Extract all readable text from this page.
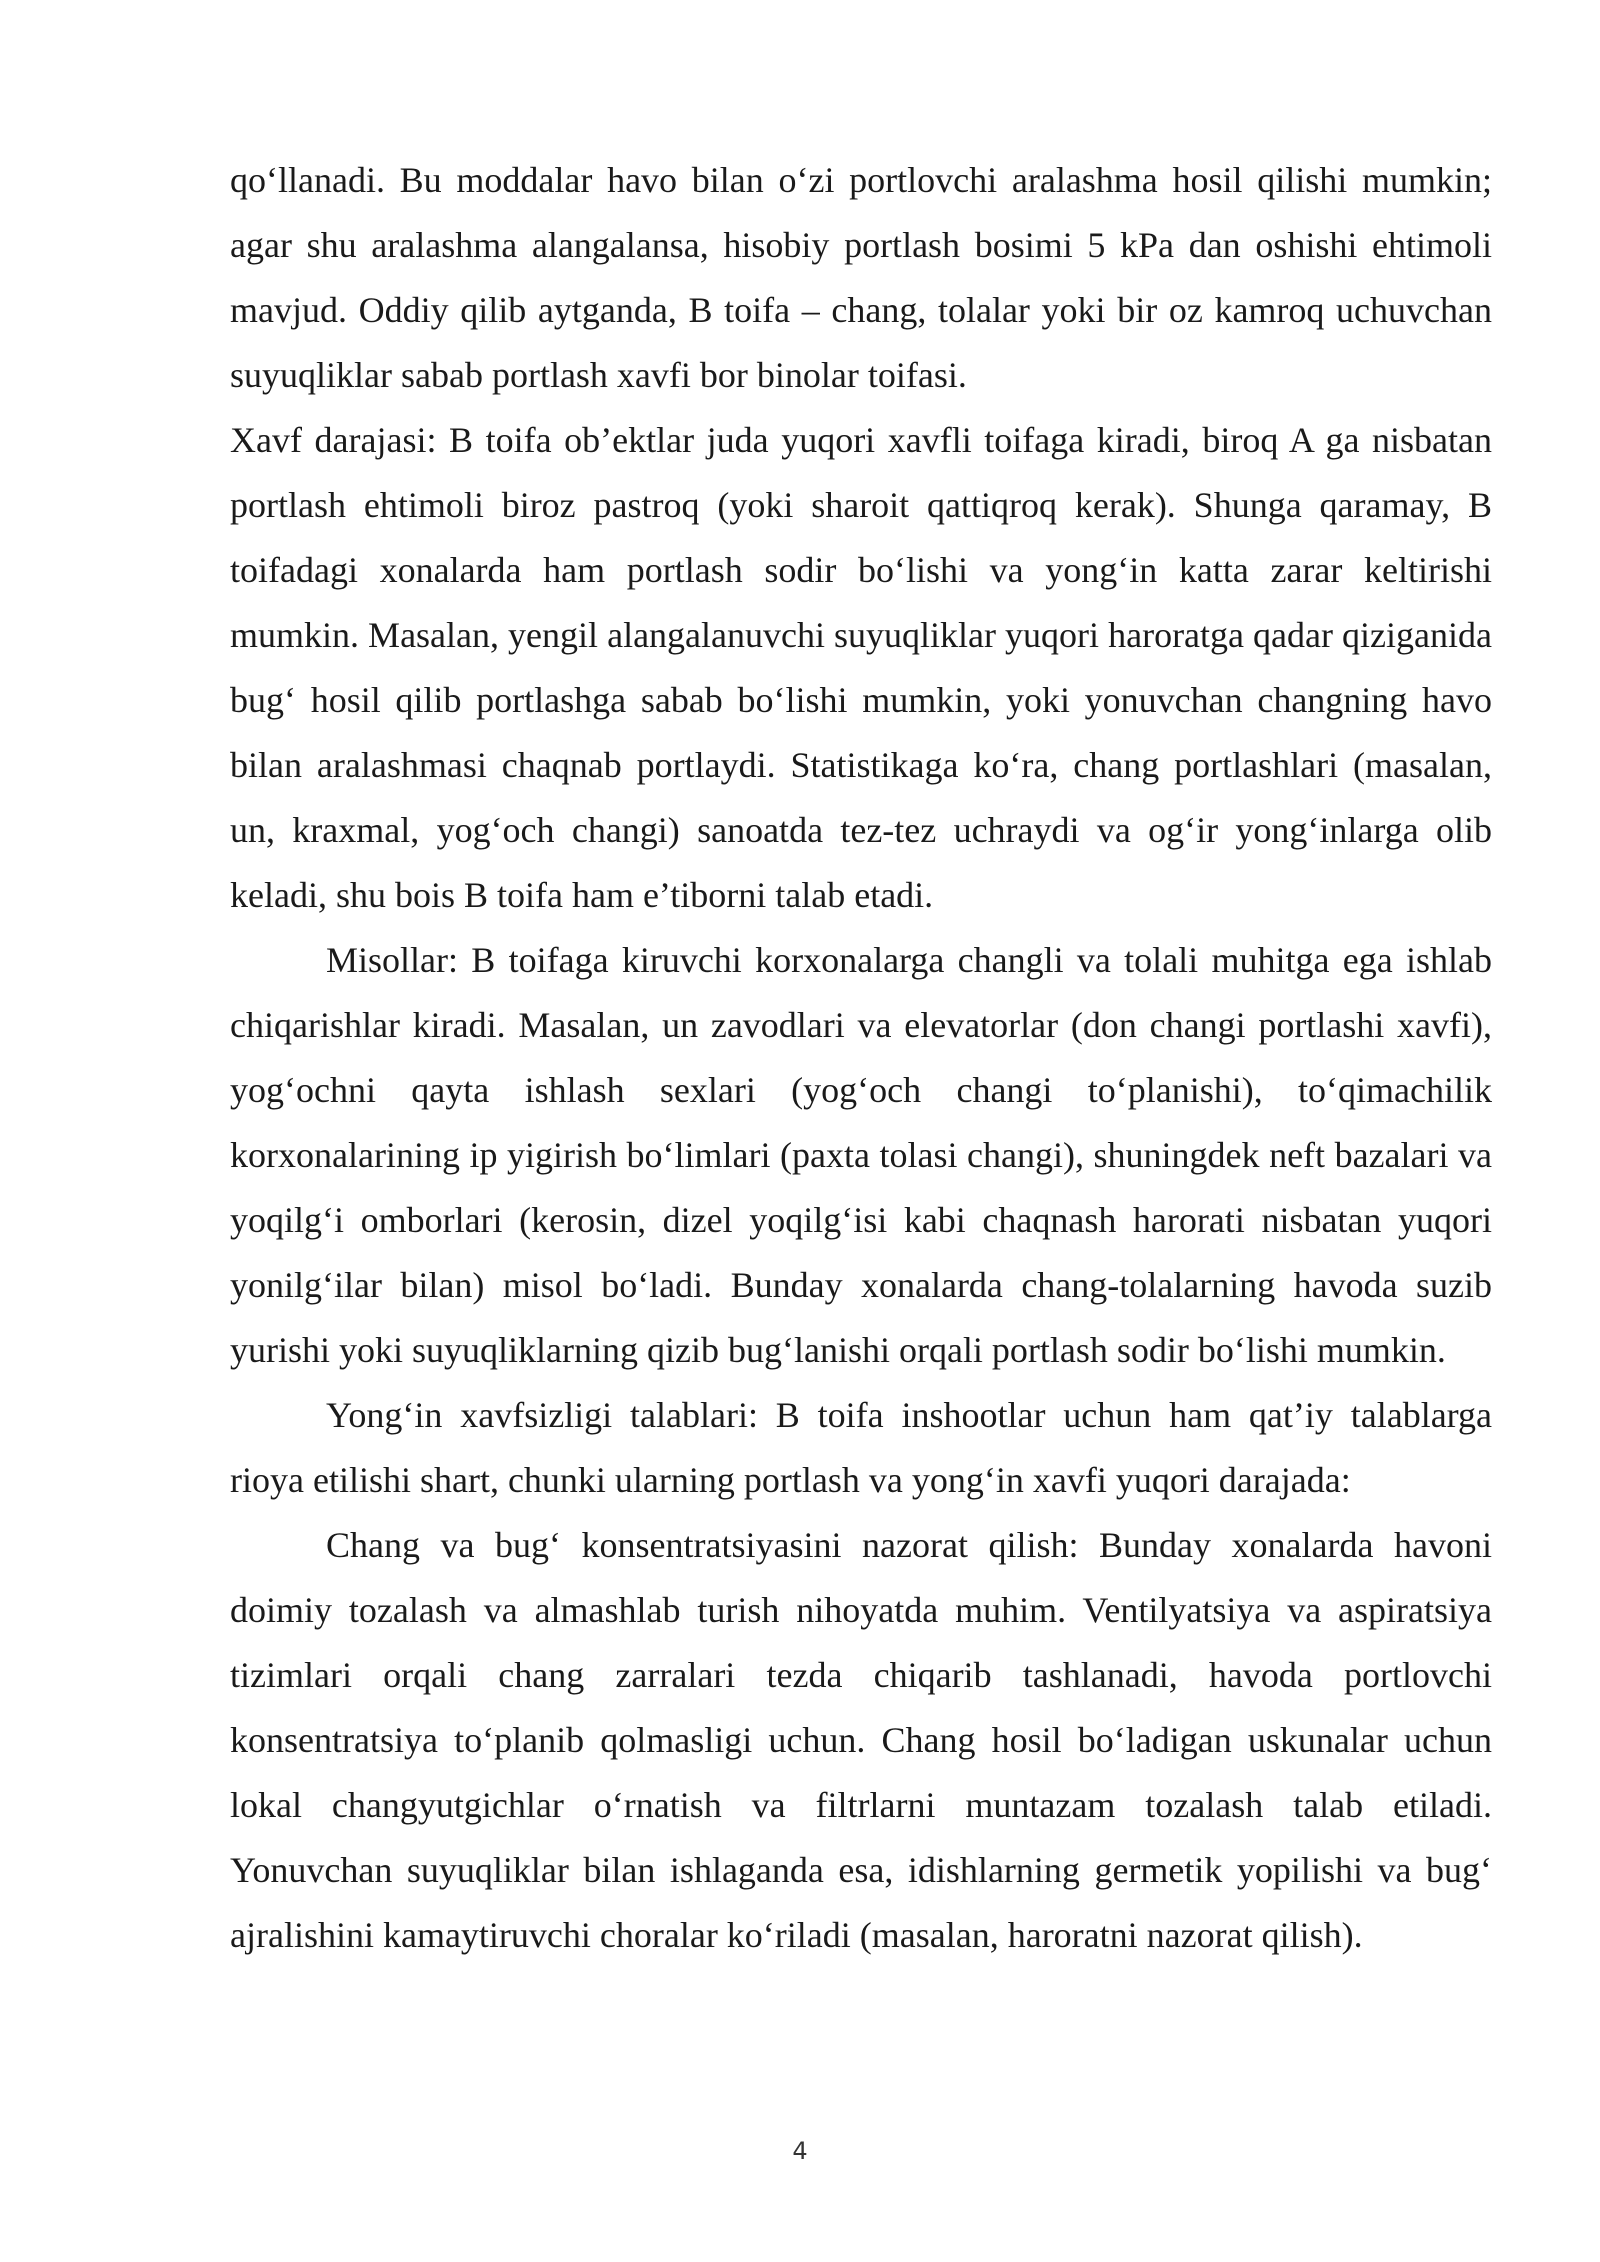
qo‘llanadi. Bu moddalar havo bilan o‘zi portlovchi aralashma hosil qilishi mumkin; agar shu aralashma alangalansa, hisobiy portlash bosimi 5 kPa dan oshishi ehtimoli mavjud. Oddiy qilib aytganda, B toifa – chang, tolalar yoki bir oz kamroq uchuvchan suyuqliklar sabab portlash xavfi bor binolar toifasi.

Xavf darajasi: B toifa ob’ektlar juda yuqori xavfli toifaga kiradi, biroq A ga nisbatan portlash ehtimoli biroz pastroq (yoki sharoit qattiqroq kerak). Shunga qaramay, B toifadagi xonalarda ham portlash sodir bo‘lishi va yong‘in katta zarar keltirishi mumkin. Masalan, yengil alangalanuvchi suyuqliklar yuqori haroratga qadar qiziganida bug‘ hosil qilib portlashga sabab bo‘lishi mumkin, yoki yonuvchan changning havo bilan aralashmasi chaqnab portlaydi. Statistikaga ko‘ra, chang portlashlari (masalan, un, kraxmal, yog‘och changi) sanoatda tez-tez uchraydi va og‘ir yong‘inlarga olib keladi, shu bois B toifa ham e’tiborni talab etadi.

Misollar: B toifaga kiruvchi korxonalarga changli va tolali muhitga ega ishlab chiqarishlar kiradi. Masalan, un zavodlari va elevatorlar (don changi portlashi xavfi), yog‘ochni qayta ishlash sexlari (yog‘och changi to‘planishi), to‘qimachilik korxonalarining ip yigirish bo‘limlari (paxta tolasi changi), shuningdek neft bazalari va yoqilg‘i omborlari (kerosin, dizel yoqilg‘isi kabi chaqnash harorati nisbatan yuqori yonilg‘ilar bilan) misol bo‘ladi. Bunday xonalarda chang-tolalarning havoda suzib yurishi yoki suyuqliklarning qizib bug‘lanishi orqali portlash sodir bo‘lishi mumkin.

Yong‘in xavfsizligi talablari: B toifa inshootlar uchun ham qat’iy talablarga rioya etilishi shart, chunki ularning portlash va yong‘in xavfi yuqori darajada:

Chang va bug‘ konsentratsiyasini nazorat qilish: Bunday xonalarda havoni doimiy tozalash va almashlab turish nihoyatda muhim. Ventilyatsiya va aspiratsiya tizimlari orqali chang zarralari tezda chiqarib tashlanadi, havoda portlovchi konsentratsiya to‘planib qolmasligi uchun. Chang hosil bo‘ladigan uskunalar uchun lokal changyutgichlar o‘rnatish va filtrlarni muntazam tozalash talab etiladi. Yonuvchan suyuqliklar bilan ishlaganda esa, idishlarning germetik yopilishi va bug‘ ajralishini kamaytiruvchi choralar ko‘riladi (masalan, haroratni nazorat qilish).

4
